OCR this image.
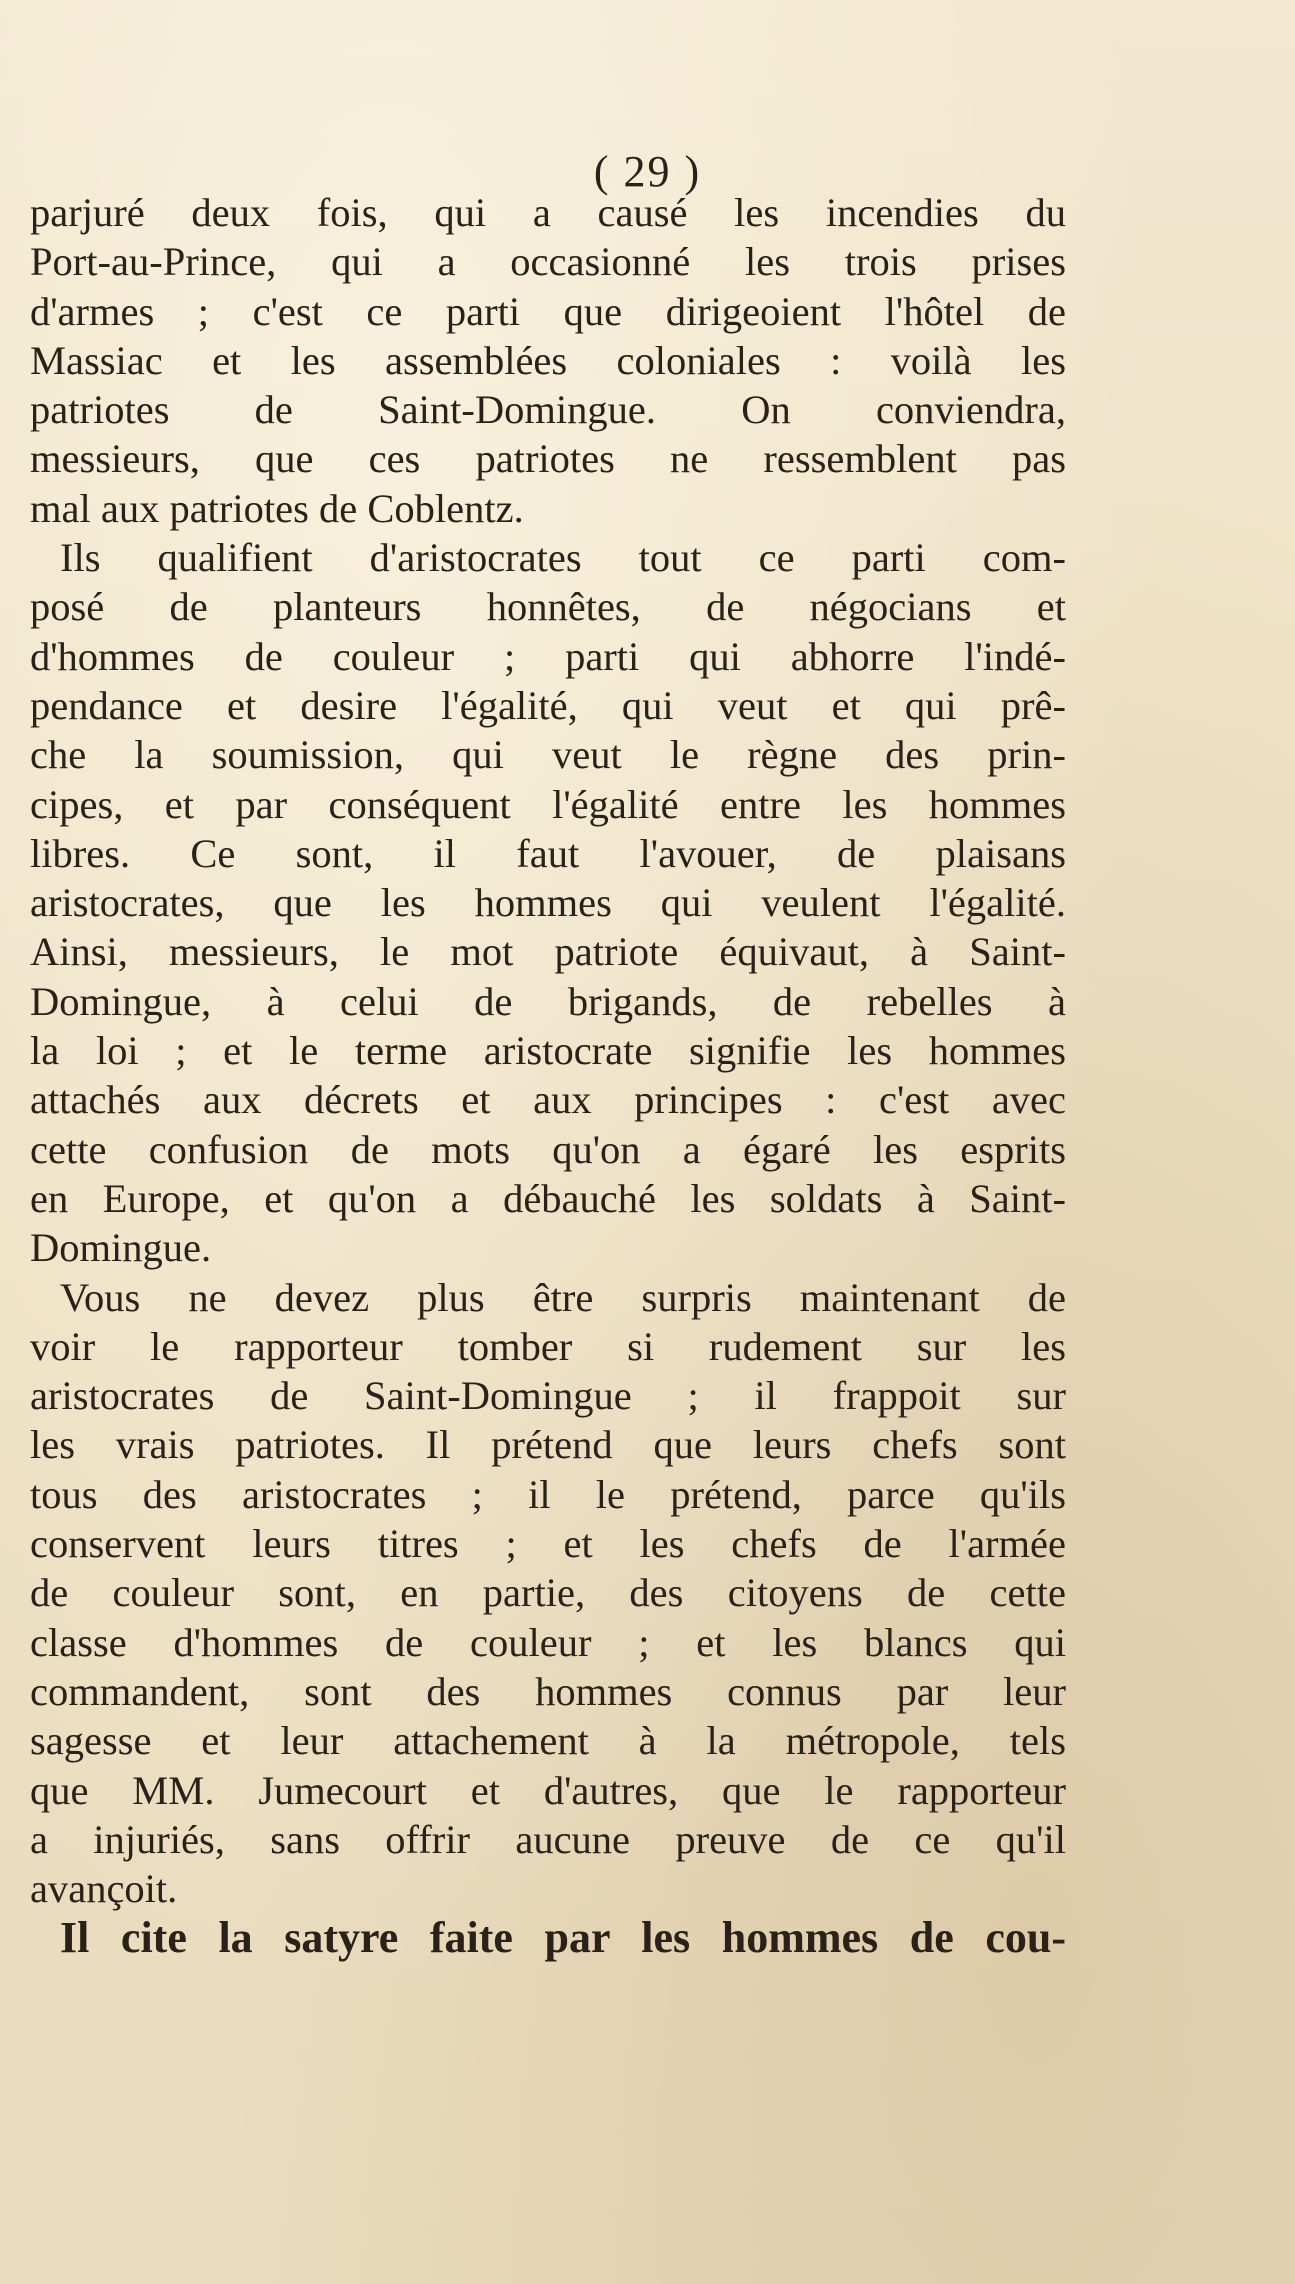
( 29 )
parjuré deux fois, qui a causé les incendies du
Port-au-Prince, qui a occasionné les trois prises
d'armes ; c'est ce parti que dirigeoient l'hôtel de
Massiac et les assemblées coloniales : voilà les
patriotes de Saint-Domingue. On conviendra,
messieurs, que ces patriotes ne ressemblent pas
mal aux patriotes de Coblentz.
Ils qualifient d'aristocrates tout ce parti com-
posé de planteurs honnêtes, de négocians et
d'hommes de couleur ; parti qui abhorre l'indé-
pendance et desire l'égalité, qui veut et qui prê-
che la soumission, qui veut le règne des prin-
cipes, et par conséquent l'égalité entre les hommes
libres. Ce sont, il faut l'avouer, de plaisans
aristocrates, que les hommes qui veulent l'égalité.
Ainsi, messieurs, le mot patriote équivaut, à Saint-
Domingue, à celui de brigands, de rebelles à
la loi ; et le terme aristocrate signifie les hommes
attachés aux décrets et aux principes : c'est avec
cette confusion de mots qu'on a égaré les esprits
en Europe, et qu'on a débauché les soldats à Saint-
Domingue.
Vous ne devez plus être surpris maintenant de
voir le rapporteur tomber si rudement sur les
aristocrates de Saint-Domingue ; il frappoit sur
les vrais patriotes. Il prétend que leurs chefs sont
tous des aristocrates ; il le prétend, parce qu'ils
conservent leurs titres ; et les chefs de l'armée
de couleur sont, en partie, des citoyens de cette
classe d'hommes de couleur ; et les blancs qui
commandent, sont des hommes connus par leur
sagesse et leur attachement à la métropole, tels
que MM. Jumecourt et d'autres, que le rapporteur
a injuriés, sans offrir aucune preuve de ce qu'il
avançoit.
Il cite la satyre faite par les hommes de cou-
